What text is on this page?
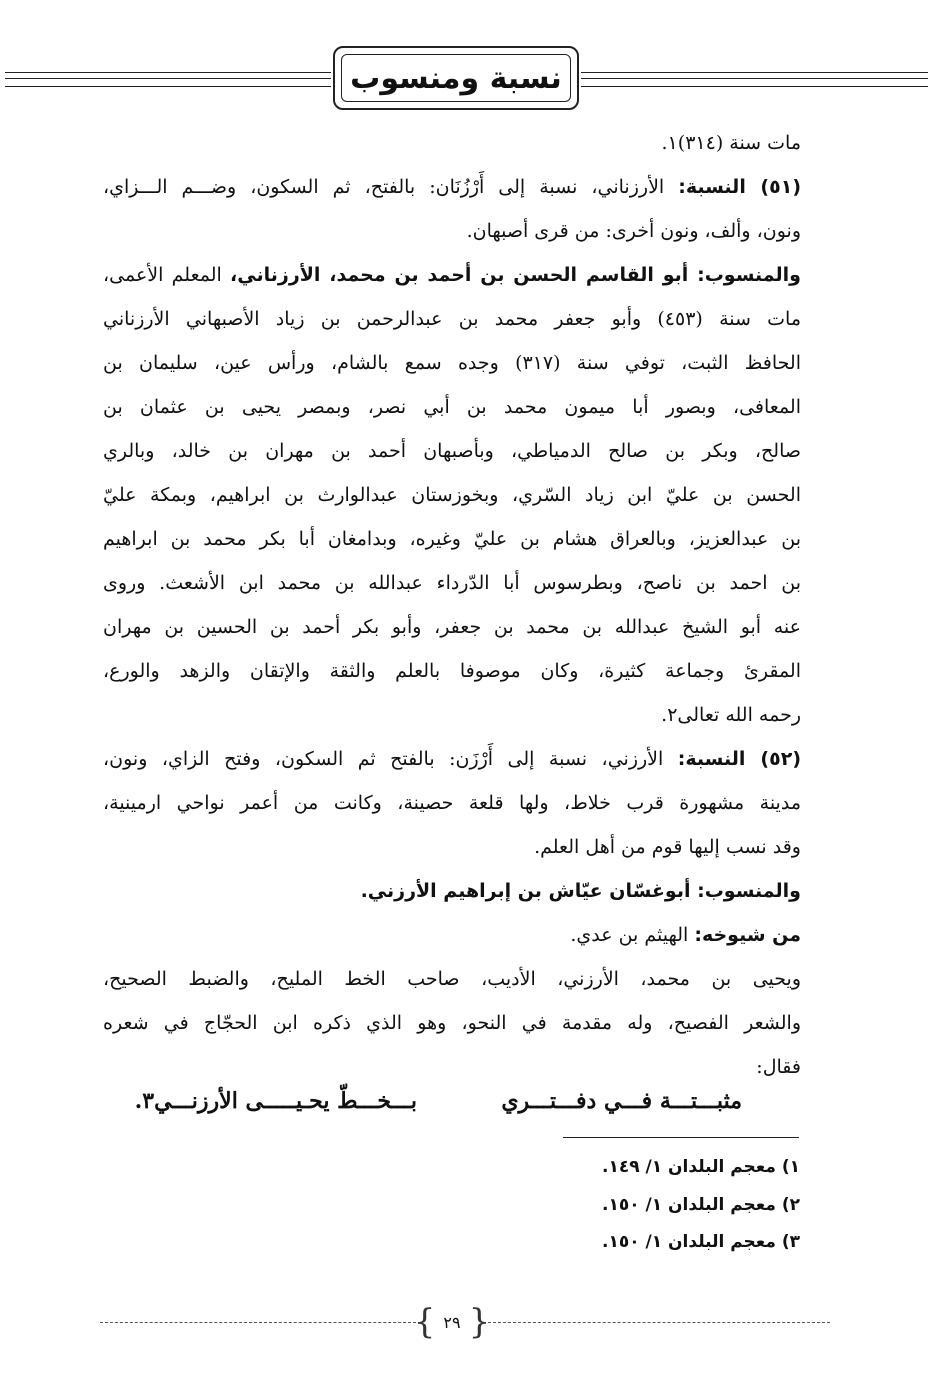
نسبة ومنسوب
مات سنة (٣١٤)١.
(٥١) النسبة: الأرزناني، نسبة إلى أَرْزُنَان: بالفتح، ثم السكون، وضـــم الـــزاي،
ونون، وألف، ونون أخرى: من قرى أصبهان.
والمنسوب: أبو القاسم الحسن بن أحمد بن محمد، الأرزناني، المعلم الأعمى،
مات سنة (٤٥٣) وأبو جعفر محمد بن عبدالرحمن بن زياد الأصبهاني الأرزناني
الحافظ الثبت، توفي سنة (٣١٧) وجده سمع بالشام، ورأس عين، سليمان بن
المعافى، وبصور أبا ميمون محمد بن أبي نصر، وبمصر يحيى بن عثمان بن
صالح، وبكر بن صالح الدمياطي، وبأصبهان أحمد بن مهران بن خالد، وبالري
الحسن بن عليّ ابن زياد السّري، وبخوزستان عبدالوارث بن ابراهيم، وبمكة عليّ
بن عبدالعزيز، وبالعراق هشام بن عليّ وغيره، وبدامغان أبا بكر محمد بن ابراهيم
بن احمد بن ناصح، وبطرسوس أبا الدّرداء عبدالله بن محمد ابن الأشعث. وروى
عنه أبو الشيخ عبدالله بن محمد بن جعفر، وأبو بكر أحمد بن الحسين بن مهران
المقرئ وجماعة كثيرة، وكان موصوفا بالعلم والثقة والإتقان والزهد والورع،
رحمه الله تعالى٢.
(٥٢) النسبة: الأرزني، نسبة إلى أَرْزَن: بالفتح ثم السكون، وفتح الزاي، ونون،
مدينة مشهورة قرب خلاط، ولها قلعة حصينة، وكانت من أعمر نواحي ارمينية،
وقد نسب إليها قوم من أهل العلم.
والمنسوب: أبوغسّان عيّاش بن إبراهيم الأرزني.
من شيوخه: الهيثم بن عدي.
ويحيى بن محمد، الأرزني، الأديب، صاحب الخط المليح، والضبط الصحيح،
والشعر الفصيح، وله مقدمة في النحو، وهو الذي ذكره ابن الحجّاج في شعره
فقال:
مثبـــتـــة فـــي دفـــتـــري
بـــخـــطّ يحـيـــــى الأرزنـــي٣.
١) معجم البلدان ١/ ١٤٩.
٢) معجم البلدان ١/ ١٥٠.
٣) معجم البلدان ١/ ١٥٠.
{ ٢٩ }
